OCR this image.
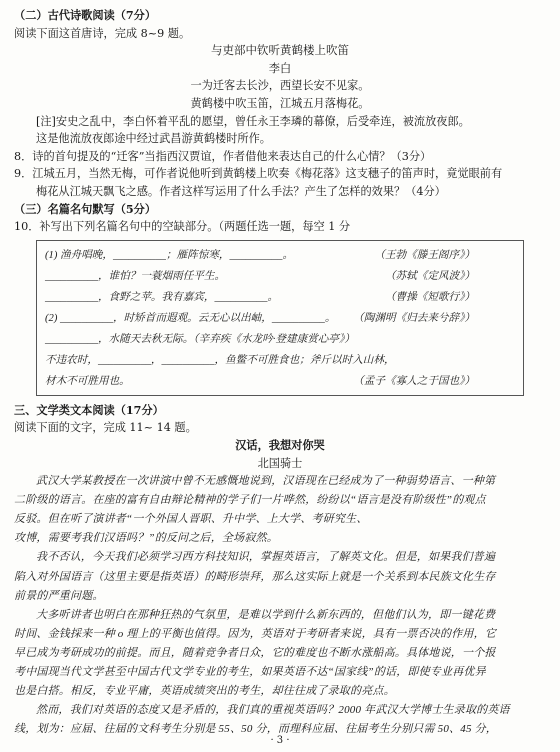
（二）古代诗歌阅读（7分）

阅读下面这首唐诗，完成 8~9 题。

与吏部中钦听黄鹤楼上吹笛

李白

一为迁客去长沙，西望长安不见家。

黄鹤楼中吹玉笛，江城五月落梅花。

[注]安史之乱中，李白怀着平乱的愿望，曾任永王李璘的幕僚，后受牵连，被流放夜郎。

这是他流放夜郎途中经过武昌游黄鹤楼时所作。

8．诗的首句提及的“迁客”当指西汉贾谊，作者借他来表达自己的什么心情？（3分）

9．江城五月，当然无梅，可作者说他听到黄鹤楼上吹奏《梅花落》这支穗子的笛声时，竟觉眼前有

梅花从江城天飘飞之感。作者这样写运用了什么手法？产生了怎样的效果？（4分）

（三）名篇名句默写（5分）

10．补写出下列名篇名句中的空缺部分。（两题任选一题，每空 1 分

(1) 渔舟唱晚，__________；雁阵惊寒，__________。	（王勃《滕王阁序》）
__________，谁怕？一蓑烟雨任平生。	（苏轼《定风波》）
__________，食野之苹。我有嘉宾，__________。	（曹操《短歌行》）
(2) __________，时矫首而遐观。云无心以出岫，__________。 （陶渊明《归去来兮辞》）
__________，水随天去秋无际。（辛弃疾《水龙吟·登建康赏心亭》）
不违农时，__________，__________，鱼鳖不可胜食也；斧斤以时入山林，
材木不可胜用也。	（孟子《寡人之于国也》）

三、文学类文本阅读（17分）

阅读下面的文字，完成 11~ 14 题。

汉话，我想对你哭

北国骑士

武汉大学某教授在一次讲演中曾不无感慨地说到，汉语现在已经成为了一种弱势语言、一种第

二阶级的语言。在座的富有自由辩论精神的学子们一片哗然，纷纷以“语言是没有阶级性”的观点

反驳。但在听了演讲者“一个外国人晋职、升中学、上大学、考研究生、

攻博，需要考我们汉语吗？”的反问之后，全场寂然。

我不否认，今天我们必须学习西方科技知识，掌握英语言，了解英文化。但是，如果我们普遍

陷入对外国语言（这里主要是指英语）的畸形崇拜，那么这实际上就是一个关系到本民族文化生存

前景的严重问题。

大多听讲者也明白在那种狂热的气氛里，是难以学到什么新东西的，但他们认为，即一键花费

时间、金钱採来一种 o 理上的平衡也值得。因为，英语对于考研者来说，具有一票否决的作用，它

早已成为考研成功的前提。而且，随着竞争者日众，它的难度也不断水涨船高。具体地说，一个报

考中国现当代文学甚至中国古代文学专业的考生，如果英语不达“国家线”的话，即使专业再优异

也是白搭。相反，专业平庸，英语成绩突出的考生，却往往成了录取的亮点。

然而，我们对英语的态度又是矛盾的，我们真的重视英语吗？2000 年武汉大学博士生录取的英语

线，划为：应届、往届的文科考生分别是 55、50 分，而理科应届、往届考生分别只需 50、45 分，

· 3 ·
